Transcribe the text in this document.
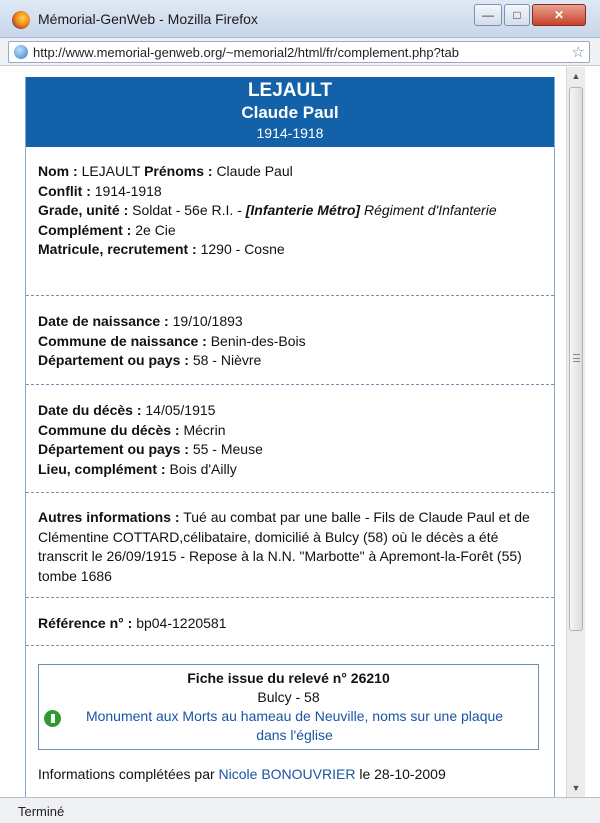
Mémorial-GenWeb - Mozilla Firefox	—	□	✕
http://www.memorial-genweb.org/~memorial2/html/fr/complement.php?tab	☆
LEJAULT
Claude Paul
1914-1918
Nom : LEJAULT Prénoms : Claude Paul
Conflit : 1914-1918
Grade, unité : Soldat - 56e R.I. - [Infanterie Métro] Régiment d'Infanterie
Complément : 2e Cie
Matricule, recrutement : 1290 - Cosne
Date de naissance : 19/10/1893
Commune de naissance : Benin-des-Bois
Département ou pays : 58 - Nièvre
Date du décès : 14/05/1915
Commune du décès : Mécrin
Département ou pays : 55 - Meuse
Lieu, complément : Bois d'Ailly
Autres informations : Tué au combat par une balle - Fils de Claude Paul et de Clémentine COTTARD,célibataire, domicilié à Bulcy (58) où le décès a été transcrit le 26/09/1915 - Repose à la N.N. "Marbotte" à Apremont-la-Forêt (55) tombe 1686
Référence n° : bp04-1220581
Fiche issue du relevé n° 26210
Bulcy - 58
Monument aux Morts au hameau de Neuville, noms sur une plaque dans l'église
Informations complétées par Nicole BONOUVRIER le 28-10-2009
▲
▼
Terminé
